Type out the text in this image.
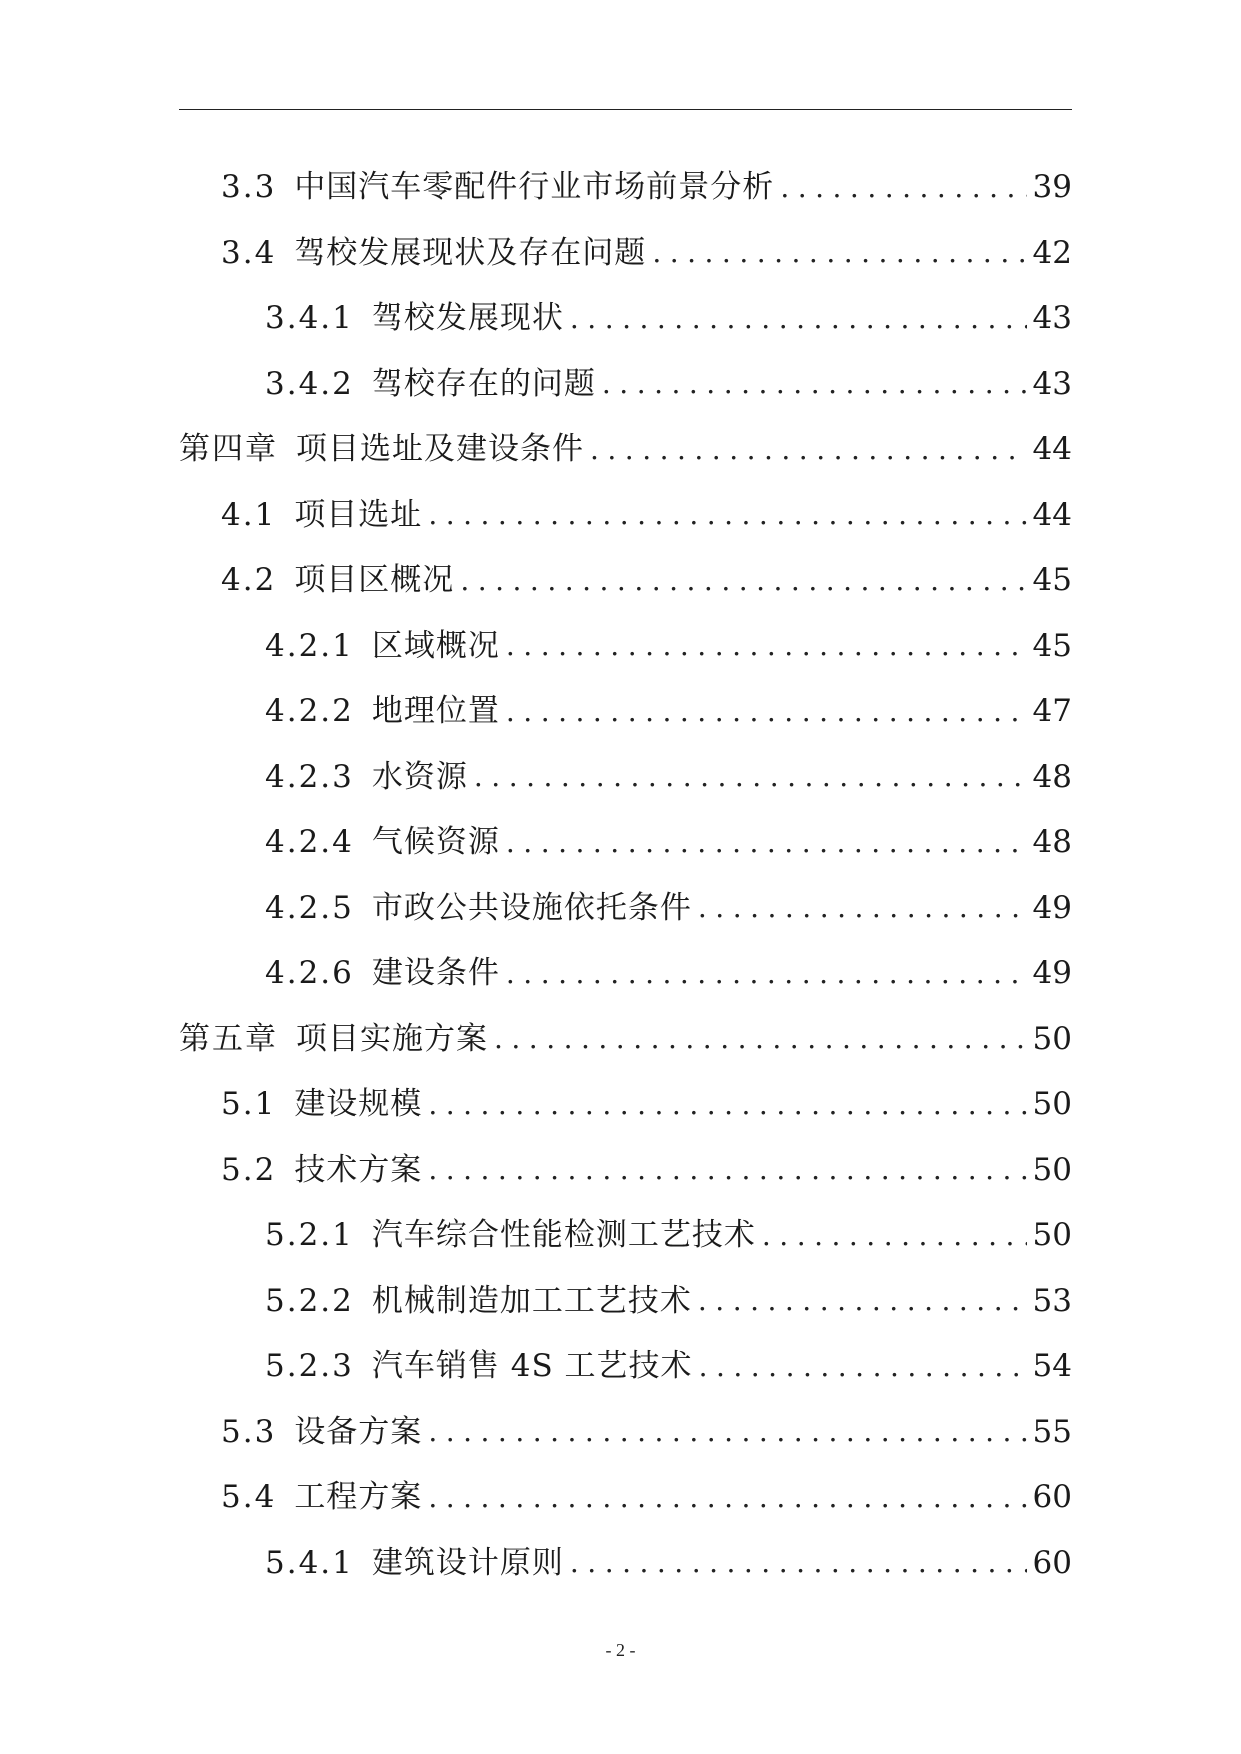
3.3 中国汽车零配件行业市场前景分析 .....	39
3.4 驾校发展现状及存在问题 .....	42
3.4.1 驾校发展现状 .....	43
3.4.2 驾校存在的问题 .....	43
第四章 项目选址及建设条件 .....	44
4.1 项目选址 .....	44
4.2 项目区概况 .....	45
4.2.1 区域概况 .....	45
4.2.2 地理位置 .....	47
4.2.3 水资源 .....	48
4.2.4 气候资源 .....	48
4.2.5 市政公共设施依托条件 .....	49
4.2.6 建设条件 .....	49
第五章 项目实施方案 .....	50
5.1 建设规模 .....	50
5.2 技术方案 .....	50
5.2.1 汽车综合性能检测工艺技术 .....	50
5.2.2 机械制造加工工艺技术 .....	53
5.2.3 汽车销售 4S 工艺技术 .....	54
5.3 设备方案 .....	55
5.4 工程方案 .....	60
5.4.1 建筑设计原则 .....	60
- 2 -
